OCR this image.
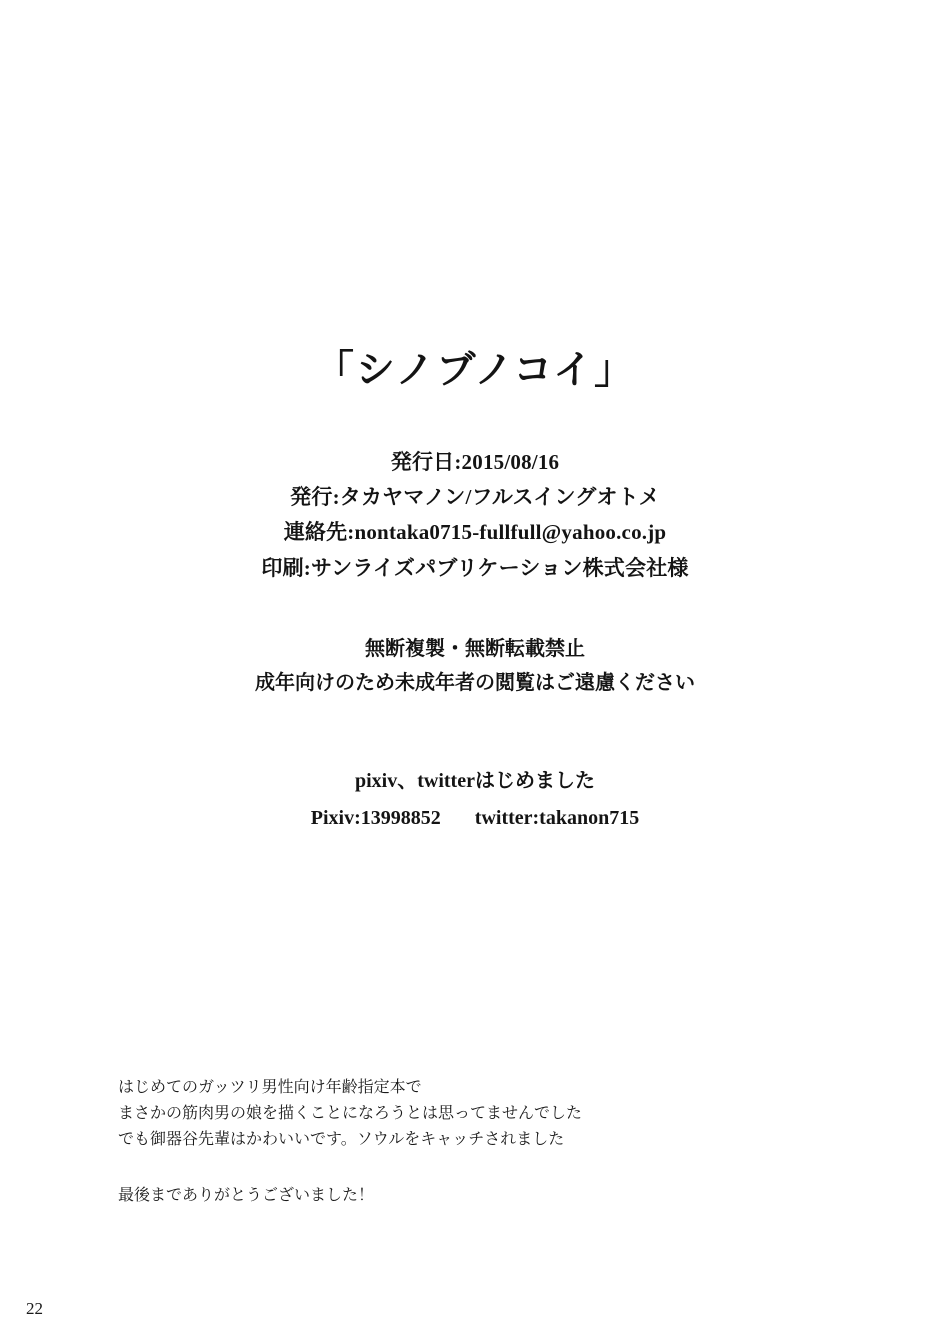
「シノブノコイ」

発行日:2015/08/16

発行:タカヤマノン/フルスイングオトメ

連絡先:nontaka0715-fullfull@yahoo.co.jp

印刷:サンライズパブリケーション株式会社様

無断複製・無断転載禁止

成年向けのため未成年者の閲覧はご遠慮ください

pixiv、twitterはじめました

Pixiv:13998852 twitter:takanon715

はじめてのガッツリ男性向け年齢指定本で

まさかの筋肉男の娘を描くことになろうとは思ってませんでした

でも御器谷先輩はかわいいです。ソウルをキャッチされました

最後までありがとうございました！

22
